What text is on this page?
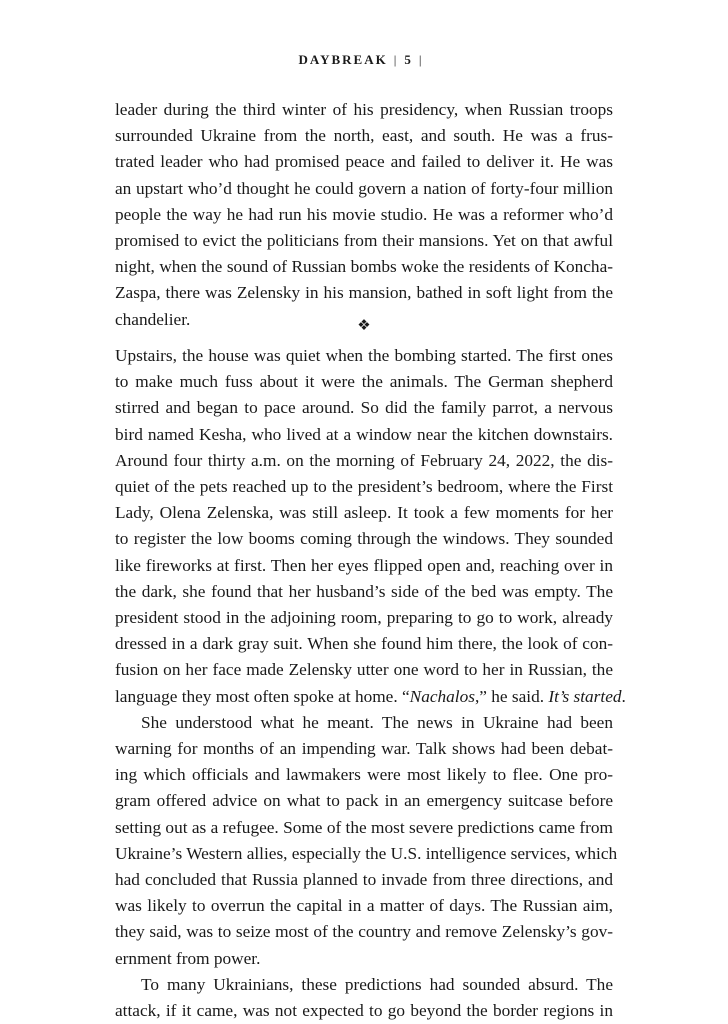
DAYBREAK | 5 |

leader during the third winter of his presidency, when Russian troops
surrounded Ukraine from the north, east, and south. He was a frus-
trated leader who had promised peace and failed to deliver it. He was
an upstart who’d thought he could govern a nation of forty-four million
people the way he had run his movie studio. He was a reformer who’d
promised to evict the politicians from their mansions. Yet on that awful
night, when the sound of Russian bombs woke the residents of Koncha-
Zaspa, there was Zelensky in his mansion, bathed in soft light from the
chandelier.	❖

Upstairs, the house was quiet when the bombing started. The first ones
to make much fuss about it were the animals. The German shepherd
stirred and began to pace around. So did the family parrot, a nervous
bird named Kesha, who lived at a window near the kitchen downstairs.
Around four thirty a.m. on the morning of February 24, 2022, the dis-
quiet of the pets reached up to the president’s bedroom, where the First
Lady, Olena Zelenska, was still asleep. It took a few moments for her
to register the low booms coming through the windows. They sounded
like fireworks at first. Then her eyes flipped open and, reaching over in
the dark, she found that her husband’s side of the bed was empty. The
president stood in the adjoining room, preparing to go to work, already
dressed in a dark gray suit. When she found him there, the look of con-
fusion on her face made Zelensky utter one word to her in Russian, the
language they most often spoke at home. “Nachalos,” he said. It’s started.

She understood what he meant. The news in Ukraine had been
warning for months of an impending war. Talk shows had been debat-
ing which officials and lawmakers were most likely to flee. One pro-
gram offered advice on what to pack in an emergency suitcase before
setting out as a refugee. Some of the most severe predictions came from
Ukraine’s Western allies, especially the U.S. intelligence services, which
had concluded that Russia planned to invade from three directions, and
was likely to overrun the capital in a matter of days. The Russian aim,
they said, was to seize most of the country and remove Zelensky’s gov-
ernment from power.

To many Ukrainians, these predictions had sounded absurd. The
attack, if it came, was not expected to go beyond the border regions in
